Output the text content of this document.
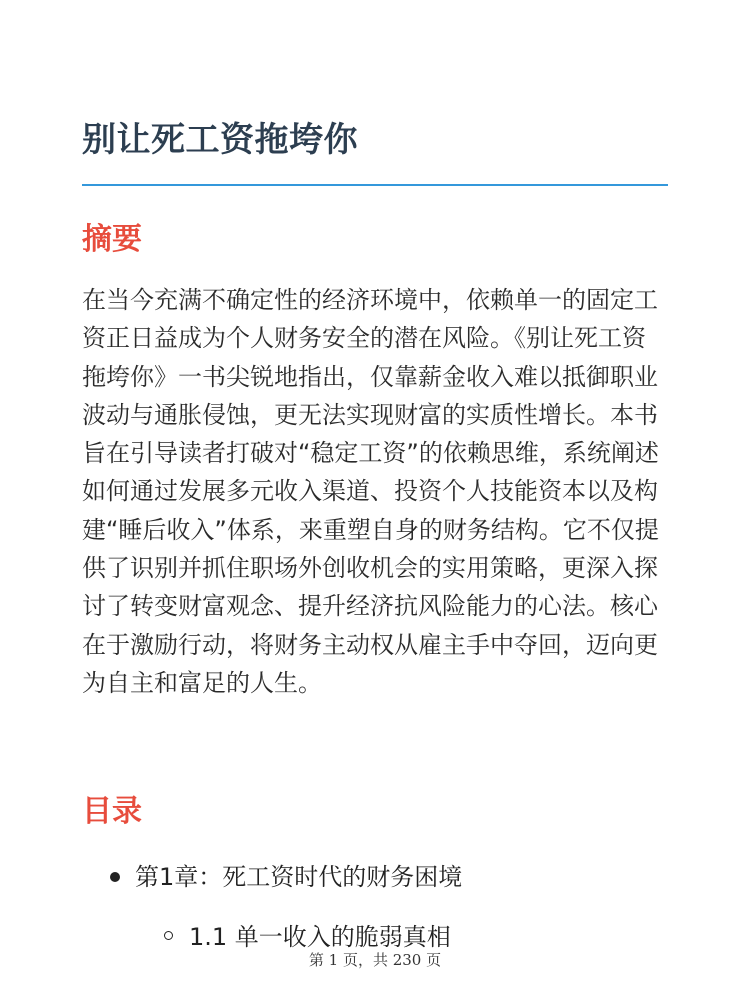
别让死工资拖垮你
摘要

在当今充满不确定性的经济环境中，依赖单一的固定工资正日益成为个人财务安全的潜在风险。《别让死工资拖垮你》一书尖锐地指出，仅靠薪金收入难以抵御职业波动与通胀侵蚀，更无法实现财富的实质性增长。本书旨在引导读者打破对“稳定工资”的依赖思维，系统阐述如何通过发展多元收入渠道、投资个人技能资本以及构建“睡后收入”体系，来重塑自身的财务结构。它不仅提供了识别并抓住职场外创收机会的实用策略，更深入探讨了转变财富观念、提升经济抗风险能力的心法。核心在于激励行动，将财务主动权从雇主手中夺回，迈向更为自主和富足的人生。

目录
第1章：死工资时代的财务困境
1.1 单一收入的脆弱真相
第 1 页，共 230 页
